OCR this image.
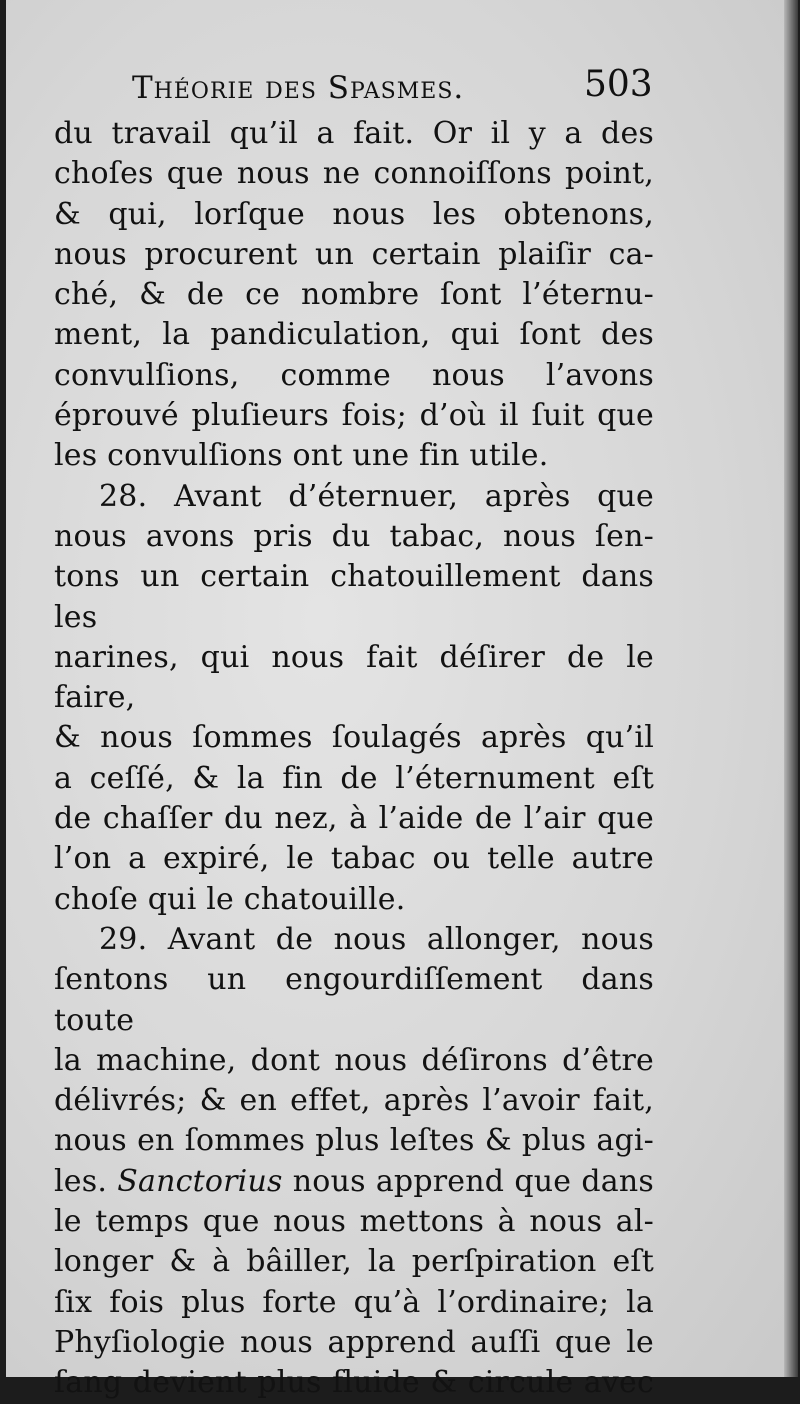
Théorie des Spasmes.	503
du travail qu’il a fait. Or il y a des
choſes que nous ne connoiſſons point,
& qui, lorſque nous les obtenons,
nous procurent un certain plaiſir ca-
ché, & de ce nombre ſont l’éternu-
ment, la pandiculation, qui ſont des
convulſions, comme nous l’avons
éprouvé pluſieurs fois; d’où il ſuit que
les convulſions ont une fin utile.
28. Avant d’éternuer, après que
nous avons pris du tabac, nous ſen-
tons un certain chatouillement dans les
narines, qui nous fait déſirer de le faire,
& nous ſommes ſoulagés après qu’il
a ceſſé, & la fin de l’éternument eſt
de chaſſer du nez, à l’aide de l’air que
l’on a expiré, le tabac ou telle autre
choſe qui le chatouille.
29. Avant de nous allonger, nous
ſentons un engourdiſſement dans toute
la machine, dont nous déſirons d’être
délivrés; & en effet, après l’avoir fait,
nous en ſommes plus leſtes & plus agi-
les. Sanctorius nous apprend que dans
le temps que nous mettons à nous al-
longer & à bâiller, la perſpiration eſt
ſix fois plus forte qu’à l’ordinaire; la
Phyſiologie nous apprend auſſi que le
ſang devient plus fluide & circule avec
